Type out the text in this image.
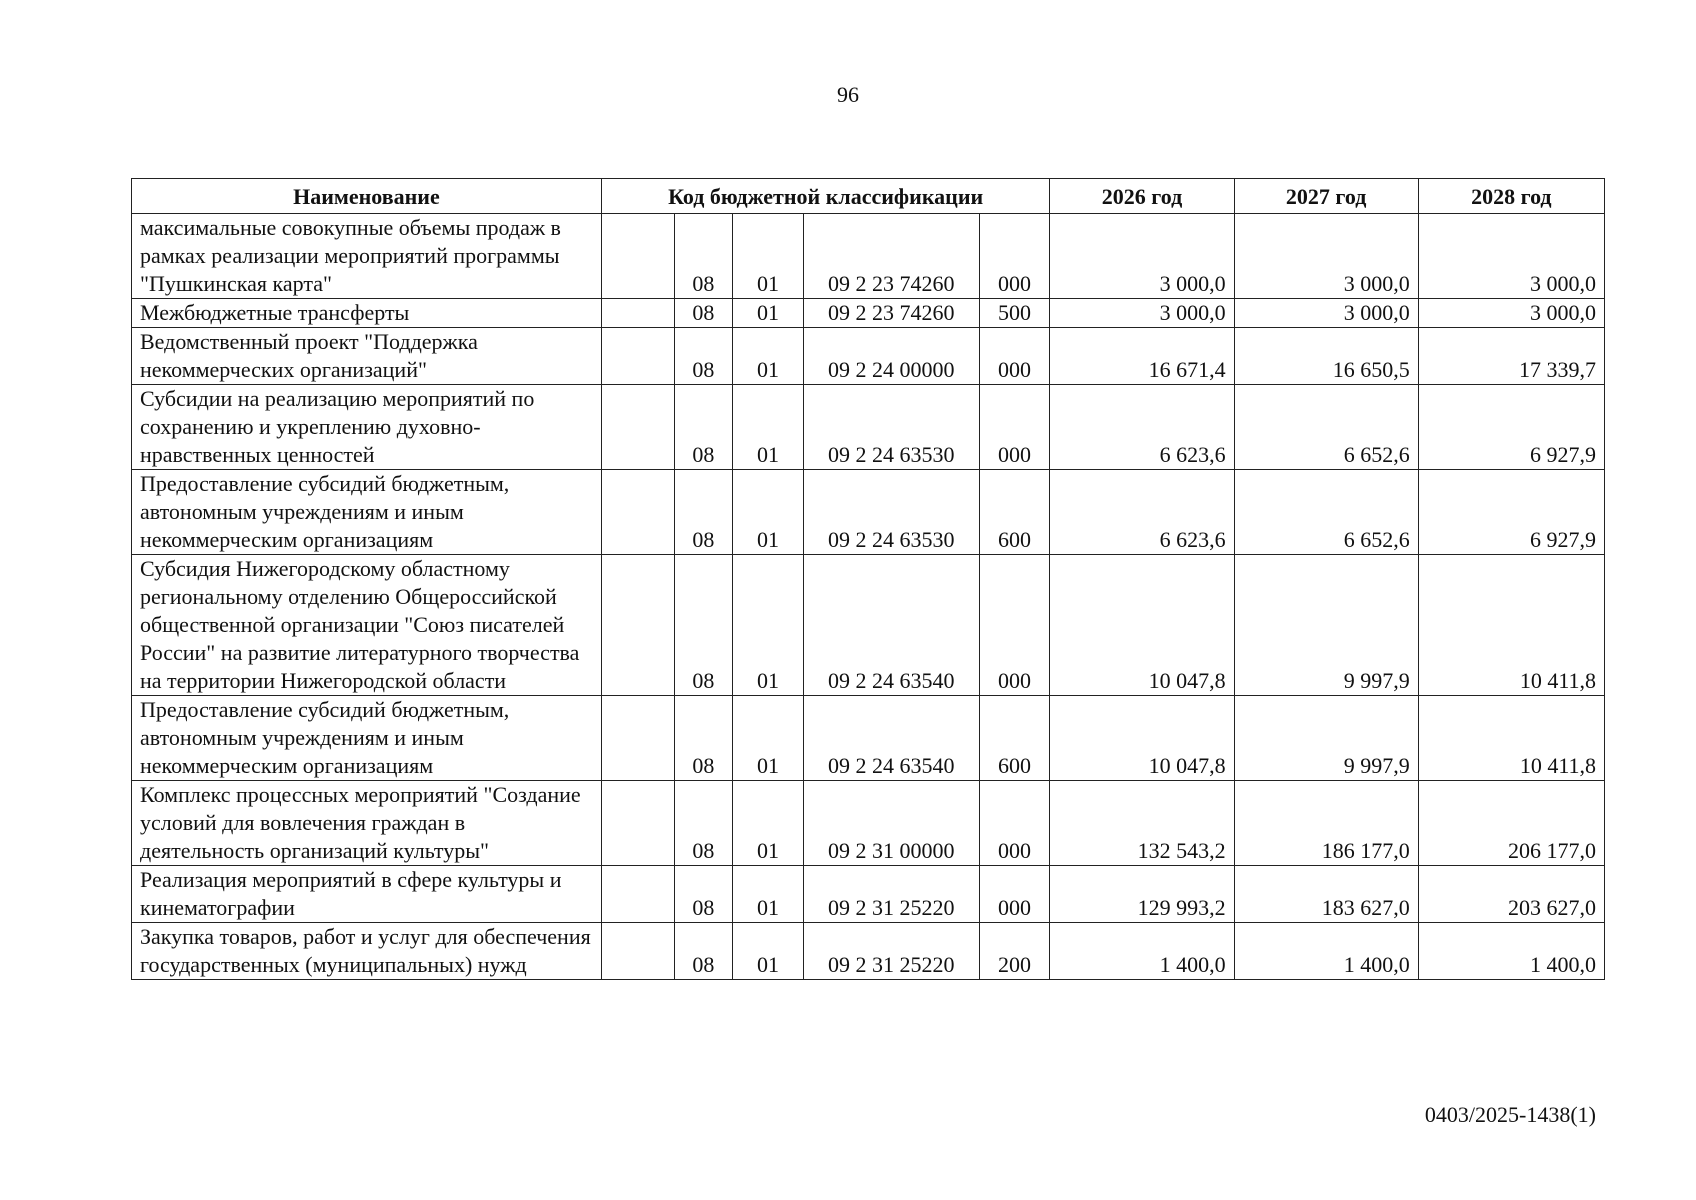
96
Наименование	Код бюджетной классификации					2026 год	2027 год	2028 год
максимальные совокупные объемы продаж в рамках реализации мероприятий программы "Пушкинская карта"		08	01	09 2 23 74260	000	3 000,0	3 000,0	3 000,0
Межбюджетные трансферты		08	01	09 2 23 74260	500	3 000,0	3 000,0	3 000,0
Ведомственный проект "Поддержка некоммерческих организаций"		08	01	09 2 24 00000	000	16 671,4	16 650,5	17 339,7
Субсидии на реализацию мероприятий по сохранению и укреплению духовно-нравственных ценностей		08	01	09 2 24 63530	000	6 623,6	6 652,6	6 927,9
Предоставление субсидий бюджетным, автономным учреждениям и иным некоммерческим организациям		08	01	09 2 24 63530	600	6 623,6	6 652,6	6 927,9
Субсидия Нижегородскому областному региональному отделению Общероссийской общественной организации "Союз писателей России" на развитие литературного творчества на территории Нижегородской области		08	01	09 2 24 63540	000	10 047,8	9 997,9	10 411,8
Предоставление субсидий бюджетным, автономным учреждениям и иным некоммерческим организациям		08	01	09 2 24 63540	600	10 047,8	9 997,9	10 411,8
Комплекс процессных мероприятий "Создание условий для вовлечения граждан в деятельность организаций культуры"		08	01	09 2 31 00000	000	132 543,2	186 177,0	206 177,0
Реализация мероприятий в сфере культуры и кинематографии		08	01	09 2 31 25220	000	129 993,2	183 627,0	203 627,0
Закупка товаров, работ и услуг для обеспечения государственных (муниципальных) нужд		08	01	09 2 31 25220	200	1 400,0	1 400,0	1 400,0
0403/2025-1438(1)
